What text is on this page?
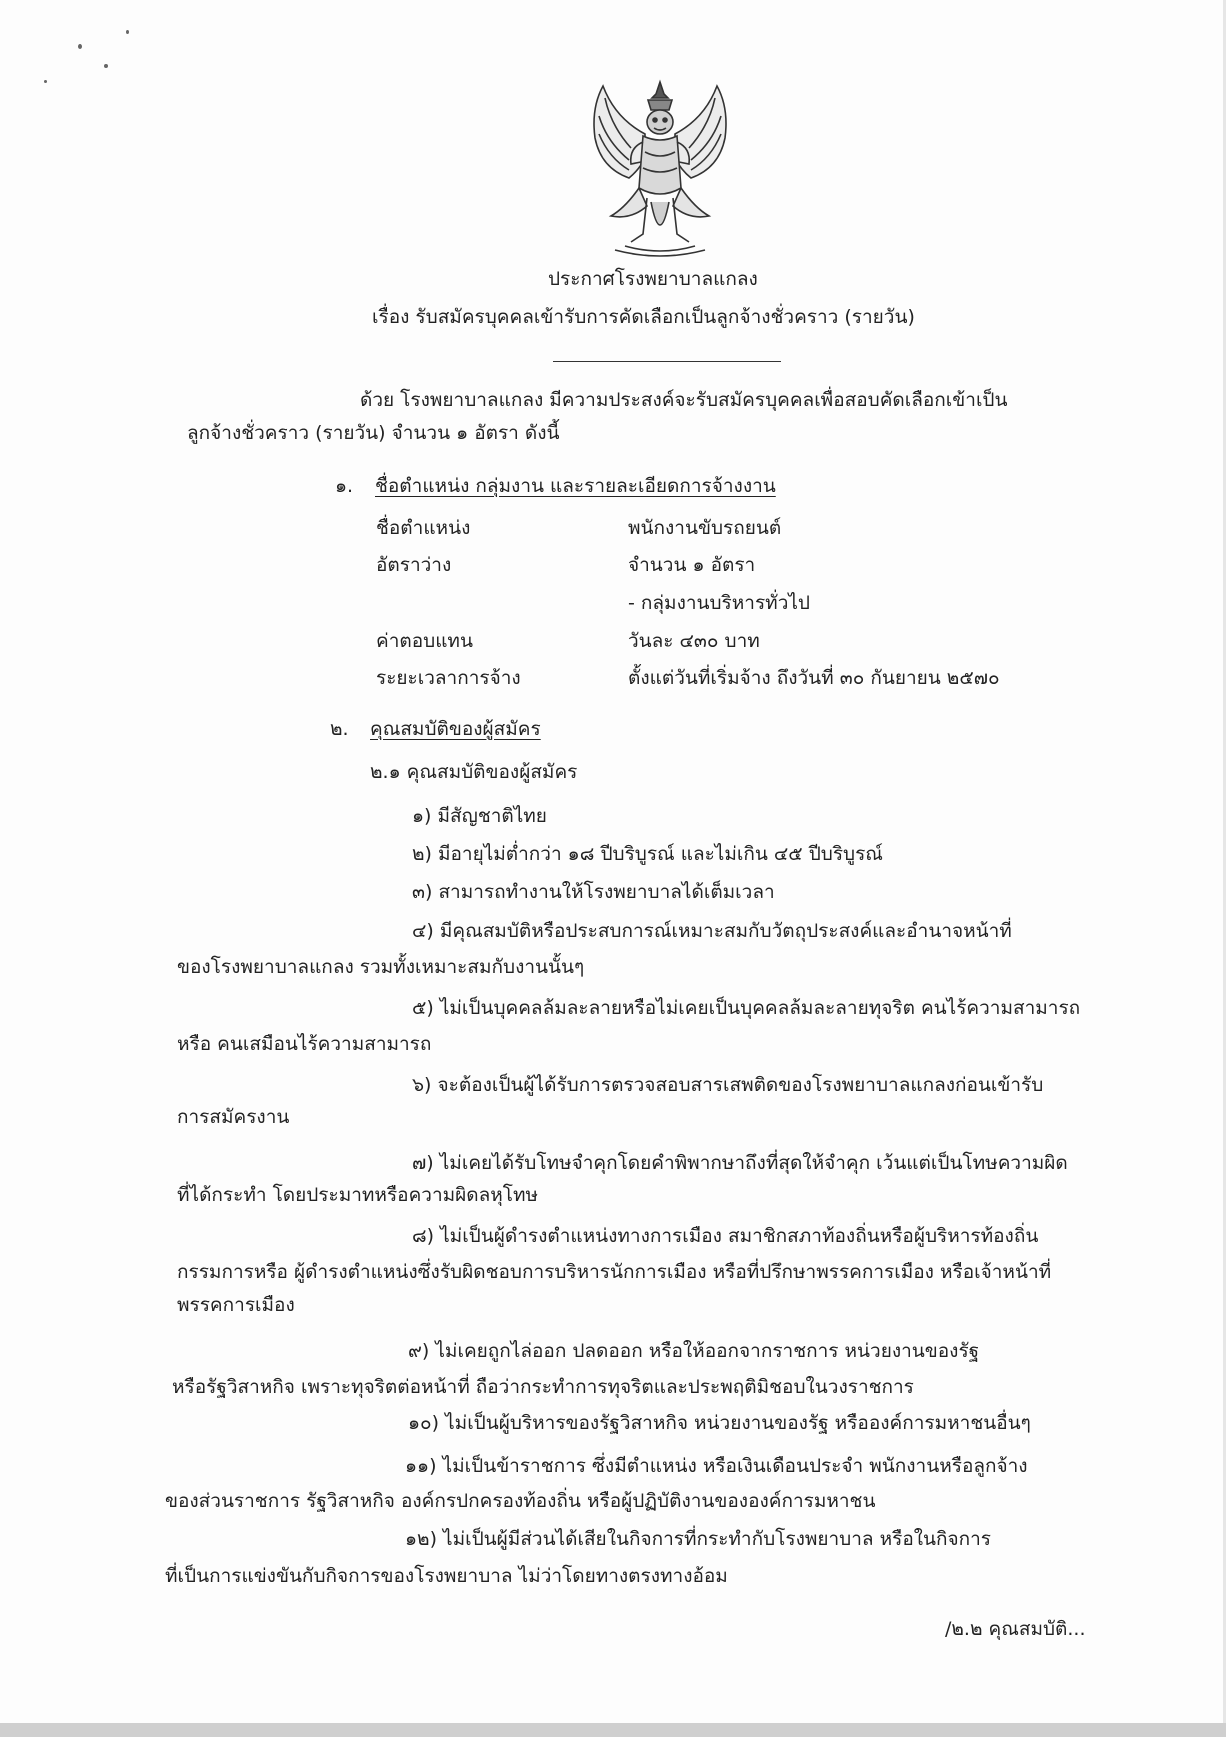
ประกาศโรงพยาบาลแกลง
เรื่อง รับสมัครบุคคลเข้ารับการคัดเลือกเป็นลูกจ้างชั่วคราว (รายวัน)
ด้วย โรงพยาบาลแกลง มีความประสงค์จะรับสมัครบุคคลเพื่อสอบคัดเลือกเข้าเป็น
ลูกจ้างชั่วคราว (รายวัน) จำนวน ๑ อัตรา ดังนี้
๑. ชื่อตำแหน่ง กลุ่มงาน และรายละเอียดการจ้างงาน
ชื่อตำแหน่ง	พนักงานขับรถยนต์
อัตราว่าง	จำนวน ๑ อัตรา
- กลุ่มงานบริหารทั่วไป
ค่าตอบแทน	วันละ ๔๓๐ บาท
ระยะเวลาการจ้าง	ตั้งแต่วันที่เริ่มจ้าง ถึงวันที่ ๓๐ กันยายน ๒๕๗๐
๒. คุณสมบัติของผู้สมัคร
๒.๑ คุณสมบัติของผู้สมัคร
๑) มีสัญชาติไทย
๒) มีอายุไม่ต่ำกว่า ๑๘ ปีบริบูรณ์ และไม่เกิน ๔๕ ปีบริบูรณ์
๓) สามารถทำงานให้โรงพยาบาลได้เต็มเวลา
๔) มีคุณสมบัติหรือประสบการณ์เหมาะสมกับวัตถุประสงค์และอำนาจหน้าที่
ของโรงพยาบาลแกลง รวมทั้งเหมาะสมกับงานนั้นๆ
๕) ไม่เป็นบุคคลล้มละลายหรือไม่เคยเป็นบุคคลล้มละลายทุจริต คนไร้ความสามารถ
หรือ คนเสมือนไร้ความสามารถ
๖) จะต้องเป็นผู้ได้รับการตรวจสอบสารเสพติดของโรงพยาบาลแกลงก่อนเข้ารับ
การสมัครงาน
๗) ไม่เคยได้รับโทษจำคุกโดยคำพิพากษาถึงที่สุดให้จำคุก เว้นแต่เป็นโทษความผิด
ที่ได้กระทำ โดยประมาทหรือความผิดลหุโทษ
๘) ไม่เป็นผู้ดำรงตำแหน่งทางการเมือง สมาชิกสภาท้องถิ่นหรือผู้บริหารท้องถิ่น
กรรมการหรือ ผู้ดำรงตำแหน่งซึ่งรับผิดชอบการบริหารนักการเมือง หรือที่ปรึกษาพรรคการเมือง หรือเจ้าหน้าที่
พรรคการเมือง
๙) ไม่เคยถูกไล่ออก ปลดออก หรือให้ออกจากราชการ หน่วยงานของรัฐ
หรือรัฐวิสาหกิจ เพราะทุจริตต่อหน้าที่ ถือว่ากระทำการทุจริตและประพฤติมิชอบในวงราชการ
๑๐) ไม่เป็นผู้บริหารของรัฐวิสาหกิจ หน่วยงานของรัฐ หรือองค์การมหาชนอื่นๆ
๑๑) ไม่เป็นข้าราชการ ซึ่งมีตำแหน่ง หรือเงินเดือนประจำ พนักงานหรือลูกจ้าง
ของส่วนราชการ รัฐวิสาหกิจ องค์กรปกครองท้องถิ่น หรือผู้ปฏิบัติงานขององค์การมหาชน
๑๒) ไม่เป็นผู้มีส่วนได้เสียในกิจการที่กระทำกับโรงพยาบาล หรือในกิจการ
ที่เป็นการแข่งขันกับกิจการของโรงพยาบาล ไม่ว่าโดยทางตรงทางอ้อม
/๒.๒ คุณสมบัติ...
